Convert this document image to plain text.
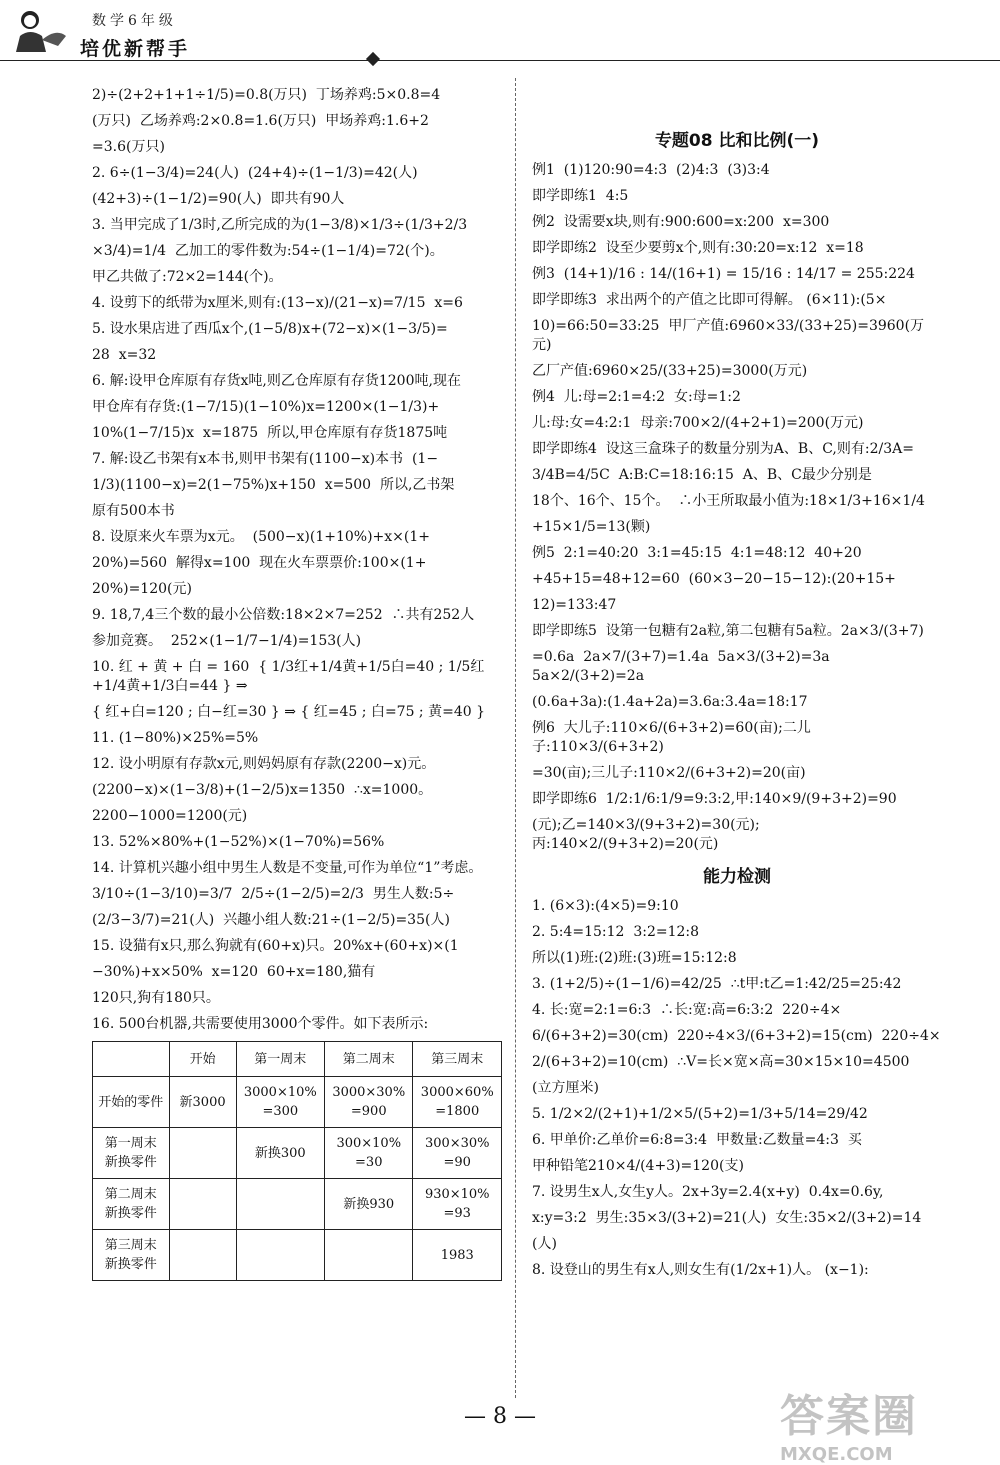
数学6年级
培优新帮手
2)÷(2+2+1+1÷1/5)=0.8(万只)  丁场养鸡:5×0.8=4
(万只)  乙场养鸡:2×0.8=1.6(万只)  甲场养鸡:1.6+2
=3.6(万只)
2. 6÷(1−3/4)=24(人)  (24+4)÷(1−1/3)=42(人)
(42+3)÷(1−1/2)=90(人)  即共有90人
3. 当甲完成了1/3时,乙所完成的为(1−3/8)×1/3÷(1/3+2/3
×3/4)=1/4  乙加工的零件数为:54÷(1−1/4)=72(个)。
甲乙共做了:72×2=144(个)。
4. 设剪下的纸带为x厘米,则有:(13−x)/(21−x)=7/15  x=6
5. 设水果店进了西瓜x个,(1−5/8)x+(72−x)×(1−3/5)=
28  x=32
6. 解:设甲仓库原有存货x吨,则乙仓库原有存货1200吨,现在
甲仓库有存货:(1−7/15)(1−10%)x=1200×(1−1/3)+
10%(1−7/15)x  x=1875  所以,甲仓库原有存货1875吨
7. 解:设乙书架有x本书,则甲书架有(1100−x)本书  (1−
1/3)(1100−x)=2(1−75%)x+150  x=500  所以,乙书架
原有500本书
8. 设原来火车票为x元。  (500−x)(1+10%)+x×(1+
20%)=560  解得x=100  现在火车票票价:100×(1+
20%)=120(元)
9. 18,7,4三个数的最小公倍数:18×2×7=252  ∴共有252人
参加竞赛。  252×(1−1/7−1/4)=153(人)
10. 红 + 黄 + 白 = 160  { 1/3红+1/4黄+1/5白=40 ; 1/5红+1/4黄+1/3白=44 } ⇒
{ 红+白=120 ; 白−红=30 } ⇒ { 红=45 ; 白=75 ; 黄=40 }
11. (1−80%)×25%=5%
12. 设小明原有存款x元,则妈妈原有存款(2200−x)元。
(2200−x)×(1−3/8)+(1−2/5)x=1350  ∴x=1000。
2200−1000=1200(元)
13. 52%×80%+(1−52%)×(1−70%)=56%
14. 计算机兴趣小组中男生人数是不变量,可作为单位“1”考虑。
3/10÷(1−3/10)=3/7  2/5÷(1−2/5)=2/3  男生人数:5÷
(2/3−3/7)=21(人)  兴趣小组人数:21÷(1−2/5)=35(人)
15. 设猫有x只,那么狗就有(60+x)只。20%x+(60+x)×(1
−30%)+x×50%  x=120  60+x=180,猫有
120只,狗有180只。
16. 500台机器,共需要使用3000个零件。如下表所示:
	开始	第一周末	第二周末	第三周末
开始的零件	新3000	3000×10% =300	3000×30% =900	3000×60% =1800
第一周末 新换零件		新换300	300×10% =30	300×30% =90
第二周末 新换零件			新换930	930×10% =93
第三周末 新换零件				1983
专题08 比和比例(一)
例1  (1)120:90=4:3  (2)4:3  (3)3:4
即学即练1  4:5
例2  设需要x块,则有:900:600=x:200  x=300
即学即练2  设至少要剪x个,则有:30:20=x:12  x=18
例3  (14+1)/16 : 14/(16+1) = 15/16 : 14/17 = 255:224
即学即练3  求出两个的产值之比即可得解。 (6×11):(5×
10)=66:50=33:25  甲厂产值:6960×33/(33+25)=3960(万元)
乙厂产值:6960×25/(33+25)=3000(万元)
例4  儿:母=2:1=4:2  女:母=1:2
儿:母:女=4:2:1  母亲:700×2/(4+2+1)=200(万元)
即学即练4  设这三盒珠子的数量分别为A、B、C,则有:2/3A=
3/4B=4/5C  A:B:C=18:16:15  A、B、C最少分别是
18个、16个、15个。  ∴小王所取最小值为:18×1/3+16×1/4
+15×1/5=13(颗)
例5  2:1=40:20  3:1=45:15  4:1=48:12  40+20
+45+15=48+12=60  (60×3−20−15−12):(20+15+
12)=133:47
即学即练5  设第一包糖有2a粒,第二包糖有5a粒。2a×3/(3+7)
=0.6a  2a×7/(3+7)=1.4a  5a×3/(3+2)=3a  5a×2/(3+2)=2a
(0.6a+3a):(1.4a+2a)=3.6a:3.4a=18:17
例6  大儿子:110×6/(6+3+2)=60(亩);二儿子:110×3/(6+3+2)
=30(亩);三儿子:110×2/(6+3+2)=20(亩)
即学即练6  1/2:1/6:1/9=9:3:2,甲:140×9/(9+3+2)=90
(元);乙=140×3/(9+3+2)=30(元);丙:140×2/(9+3+2)=20(元)
能力检测
1. (6×3):(4×5)=9:10
2. 5:4=15:12  3:2=12:8
所以(1)班:(2)班:(3)班=15:12:8
3. (1+2/5)÷(1−1/6)=42/25  ∴t甲:t乙=1:42/25=25:42
4. 长:宽=2:1=6:3  ∴长:宽:高=6:3:2  220÷4×
6/(6+3+2)=30(cm)  220÷4×3/(6+3+2)=15(cm)  220÷4×
2/(6+3+2)=10(cm)  ∴V=长×宽×高=30×15×10=4500
(立方厘米)
5. 1/2×2/(2+1)+1/2×5/(5+2)=1/3+5/14=29/42
6. 甲单价:乙单价=6:8=3:4  甲数量:乙数量=4:3  买
甲种铅笔210×4/(4+3)=120(支)
7. 设男生x人,女生y人。2x+3y=2.4(x+y)  0.4x=0.6y,
x:y=3:2  男生:35×3/(3+2)=21(人)  女生:35×2/(3+2)=14
(人)
8. 设登山的男生有x人,则女生有(1/2x+1)人。 (x−1):
— 8 —	答案圈
MXQE.COM
